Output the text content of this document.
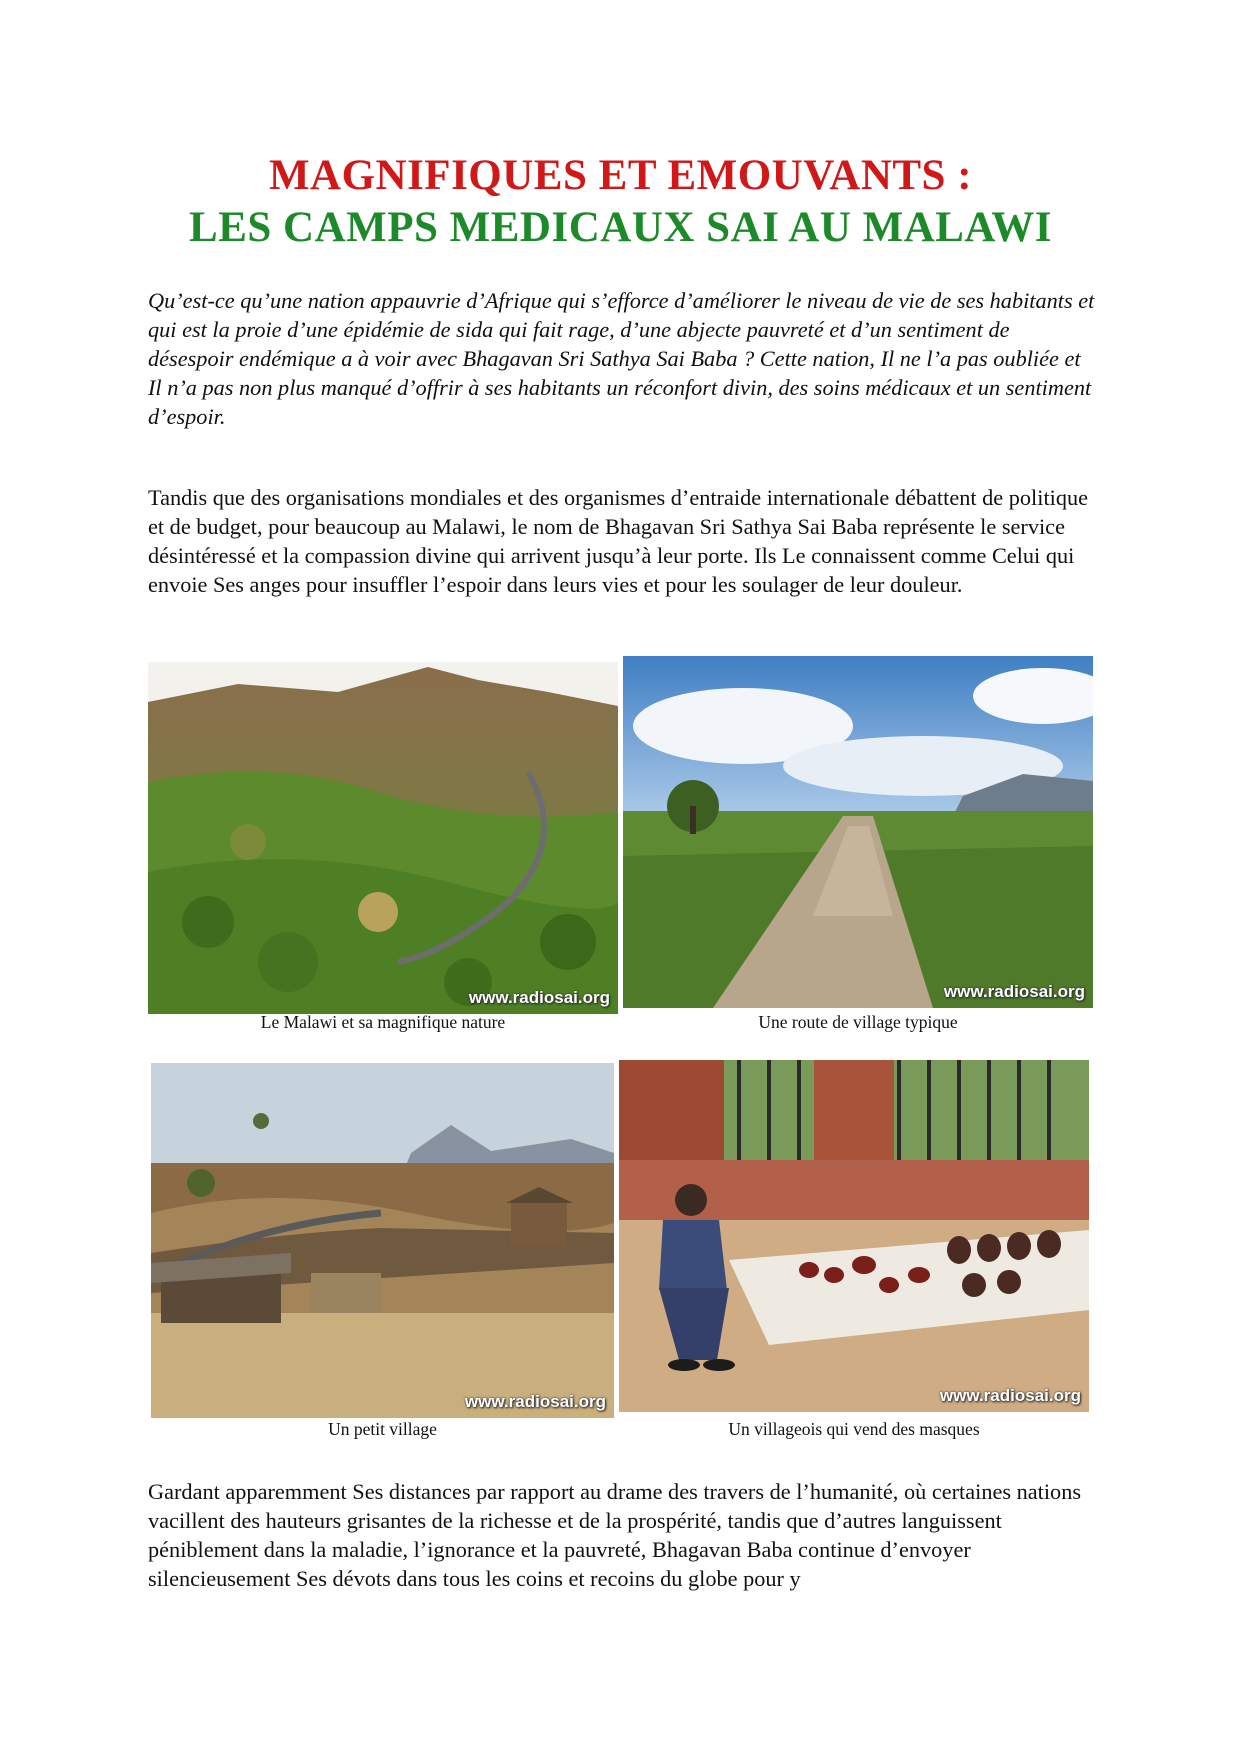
MAGNIFIQUES ET EMOUVANTS :
LES CAMPS MEDICAUX SAI AU MALAWI

Qu’est-ce qu’une nation appauvrie d’Afrique qui s’efforce d’améliorer le niveau de vie de ses habitants et qui est la proie d’une épidémie de sida qui fait rage, d’une abjecte pauvreté et d’un sentiment de désespoir endémique a à voir avec Bhagavan Sri Sathya Sai Baba ? Cette nation, Il ne l’a pas oubliée et Il n’a pas non plus manqué d’offrir à ses habitants un réconfort divin, des soins médicaux et un sentiment d’espoir.

Tandis que des organisations mondiales et des organismes d’entraide internationale débattent de politique et de budget, pour beaucoup au Malawi, le nom de Bhagavan Sri Sathya Sai Baba représente le service désintéressé et la compassion divine qui arrivent jusqu’à leur porte. Ils Le connaissent comme Celui qui envoie Ses anges pour insuffler l’espoir dans leurs vies et pour les soulager de leur douleur.

www.radiosai.org	www.radiosai.org
Le Malawi et sa magnifique nature	Une route de village typique
www.radiosai.org	www.radiosai.org
Un petit village	Un villageois qui vend des masques

Gardant apparemment Ses distances par rapport au drame des travers de l’humanité, où certaines nations vacillent des hauteurs grisantes de la richesse et de la prospérité, tandis que d’autres languissent péniblement dans la maladie, l’ignorance et la pauvreté, Bhagavan Baba continue d’envoyer silencieusement Ses dévots dans tous les coins et recoins du globe pour y
